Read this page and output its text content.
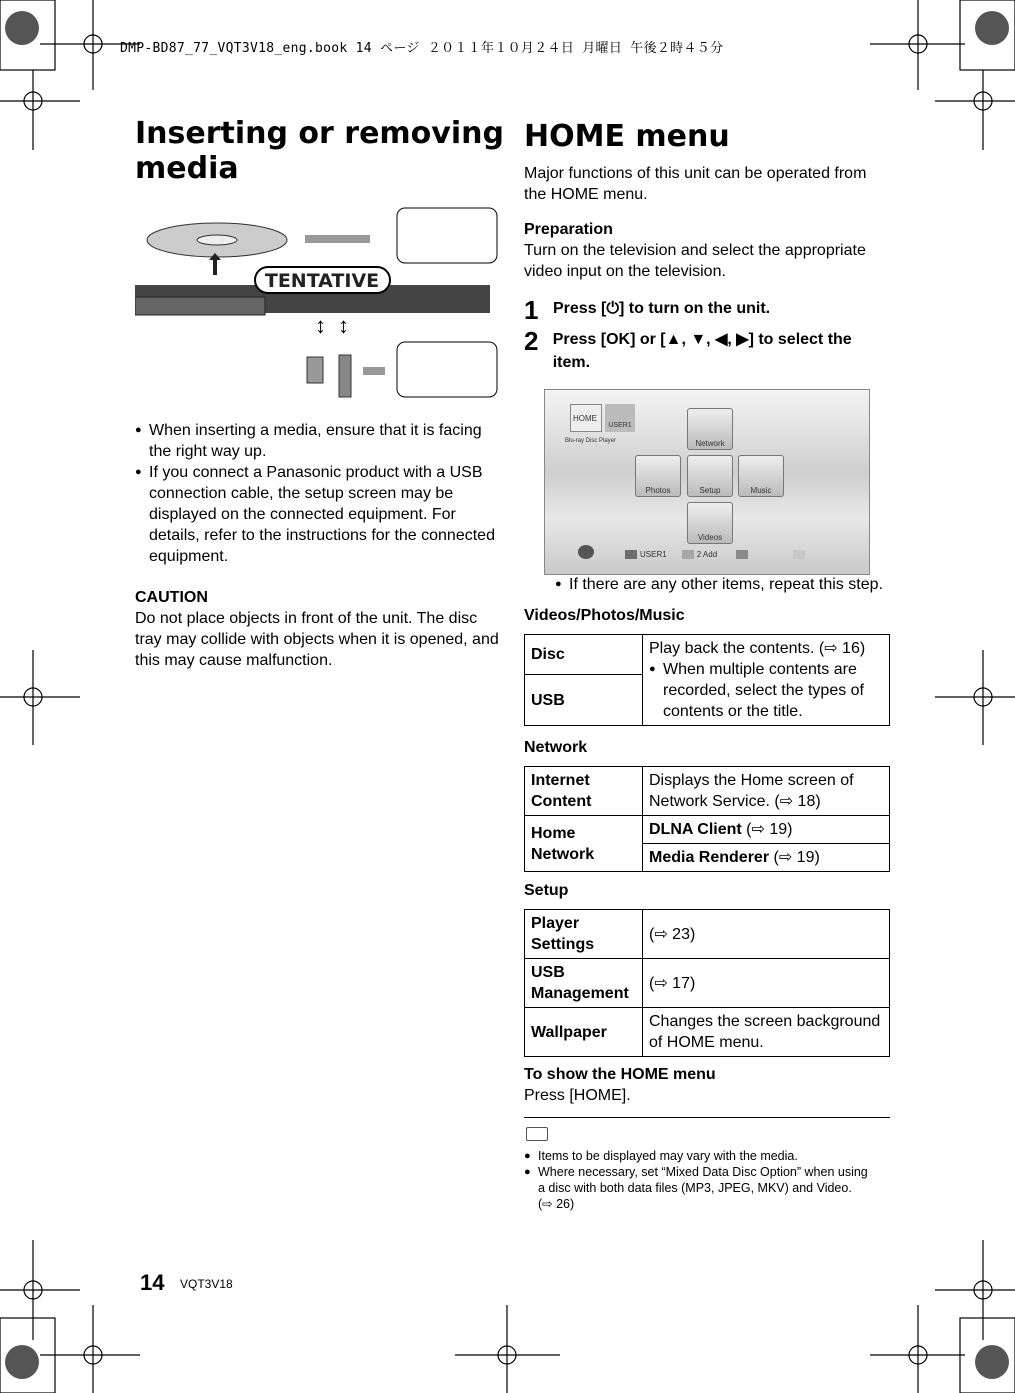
DMP-BD87_77_VQT3V18_eng.book 14 ページ ２０１１年１０月２４日 月曜日 午後２時４５分
Inserting or removing media
TENTATIVE
↕ ↕
● When inserting a media, ensure that it is facing the right way up.
● If you connect a Panasonic product with a USB connection cable, the setup screen may be displayed on the connected equipment. For details, refer to the instructions for the connected equipment.
CAUTION
Do not place objects in front of the unit. The disc tray may collide with objects when it is opened, and this may cause malfunction.
HOME menu
Major functions of this unit can be operated from the HOME menu.
Preparation
Turn on the television and select the appropriate video input on the television.
1 Press [⏻] to turn on the unit.
2 Press [OK] or [▲, ▼, ◀, ▶] to select the item.
HOME
USER1
Blu-ray Disc Player	Network
Photos	Setup	Music
Videos
USER1	2 Add
● If there are any other items, repeat this step.
Videos/Photos/Music
Disc	Play back the contents. (⇨ 16)
● When multiple contents are recorded, select the types of contents or the title.

USB
Network
Internet Content	Displays the Home screen of Network Service. (⇨ 18)
Home Network	DLNA Client (⇨ 19)
	Media Renderer (⇨ 19)
Setup
Player Settings	(⇨ 23)
USB Management	(⇨ 17)
Wallpaper	Changes the screen background of HOME menu.
To show the HOME menu
Press [HOME].
● Items to be displayed may vary with the media.
● Where necessary, set “Mixed Data Disc Option” when using a disc with both data files (MP3, JPEG, MKV) and Video. (⇨ 26)
14 VQT3V18
